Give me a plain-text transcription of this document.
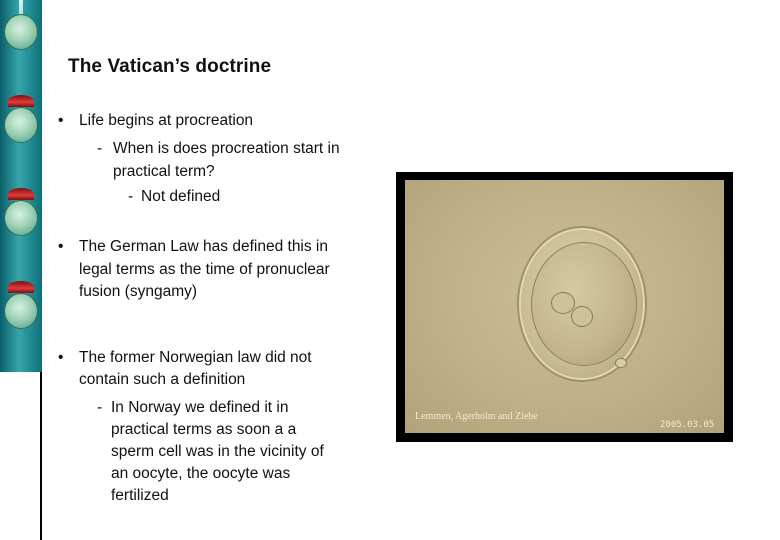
The Vatican’s doctrine
• Life begins at procreation
- When is does procreation start in
practical term?
- Not defined
• The German Law has defined this in
legal terms as the time of pronuclear
fusion (syngamy)
• The former Norwegian law did not
contain such a definition
- In Norway we defined it in
practical terms as soon a a
sperm cell was in the vicinity of
an oocyte, the oocyte was
fertilized
Lemmen, Agerholm and Ziebe
2005.03.05
